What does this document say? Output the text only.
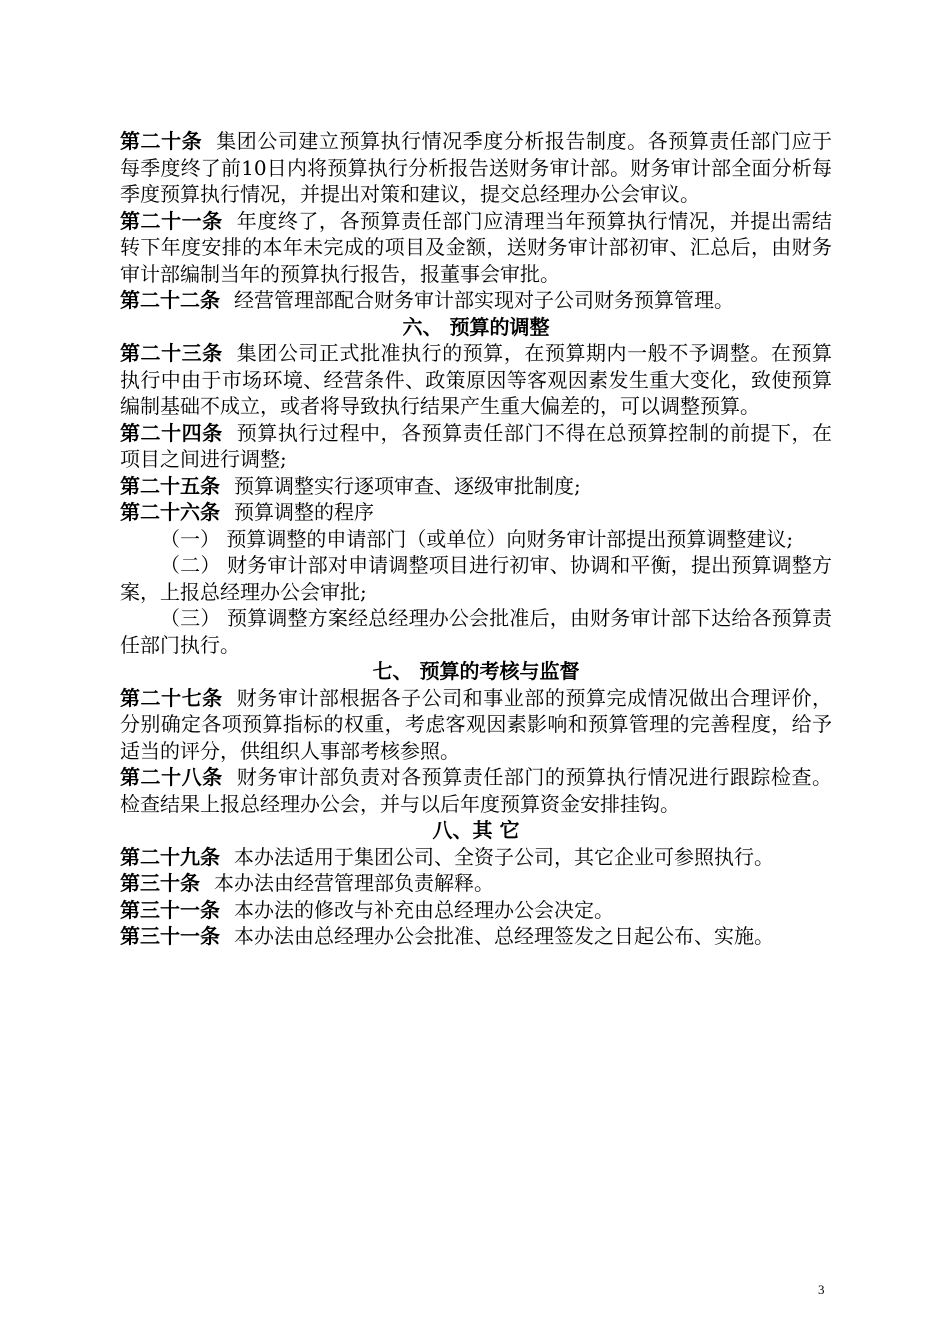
第二十条 集团公司建立预算执行情况季度分析报告制度。各预算责任部门应于每季度终了前10日内将预算执行分析报告送财务审计部。财务审计部全面分析每季度预算执行情况，并提出对策和建议，提交总经理办公会审议。

第二十一条 年度终了，各预算责任部门应清理当年预算执行情况，并提出需结转下年度安排的本年未完成的项目及金额，送财务审计部初审、汇总后，由财务审计部编制当年的预算执行报告，报董事会审批。

第二十二条 经营管理部配合财务审计部实现对子公司财务预算管理。

六、 预算的调整

第二十三条 集团公司正式批准执行的预算，在预算期内一般不予调整。在预算执行中由于市场环境、经营条件、政策原因等客观因素发生重大变化，致使预算编制基础不成立，或者将导致执行结果产生重大偏差的，可以调整预算。

第二十四条 预算执行过程中，各预算责任部门不得在总预算控制的前提下，在项目之间进行调整;

第二十五条 预算调整实行逐项审查、逐级审批制度;

第二十六条 预算调整的程序

（一） 预算调整的申请部门（或单位）向财务审计部提出预算调整建议;

（二） 财务审计部对申请调整项目进行初审、协调和平衡，提出预算调整方案，上报总经理办公会审批;

（三） 预算调整方案经总经理办公会批准后，由财务审计部下达给各预算责任部门执行。

七、 预算的考核与监督

第二十七条 财务审计部根据各子公司和事业部的预算完成情况做出合理评价，分别确定各项预算指标的权重，考虑客观因素影响和预算管理的完善程度，给予适当的评分，供组织人事部考核参照。

第二十八条 财务审计部负责对各预算责任部门的预算执行情况进行跟踪检查。检查结果上报总经理办公会，并与以后年度预算资金安排挂钩。

八、其 它

第二十九条 本办法适用于集团公司、全资子公司，其它企业可参照执行。

第三十条 本办法由经营管理部负责解释。

第三十一条 本办法的修改与补充由总经理办公会决定。

第三十一条 本办法由总经理办公会批准、总经理签发之日起公布、实施。

3
